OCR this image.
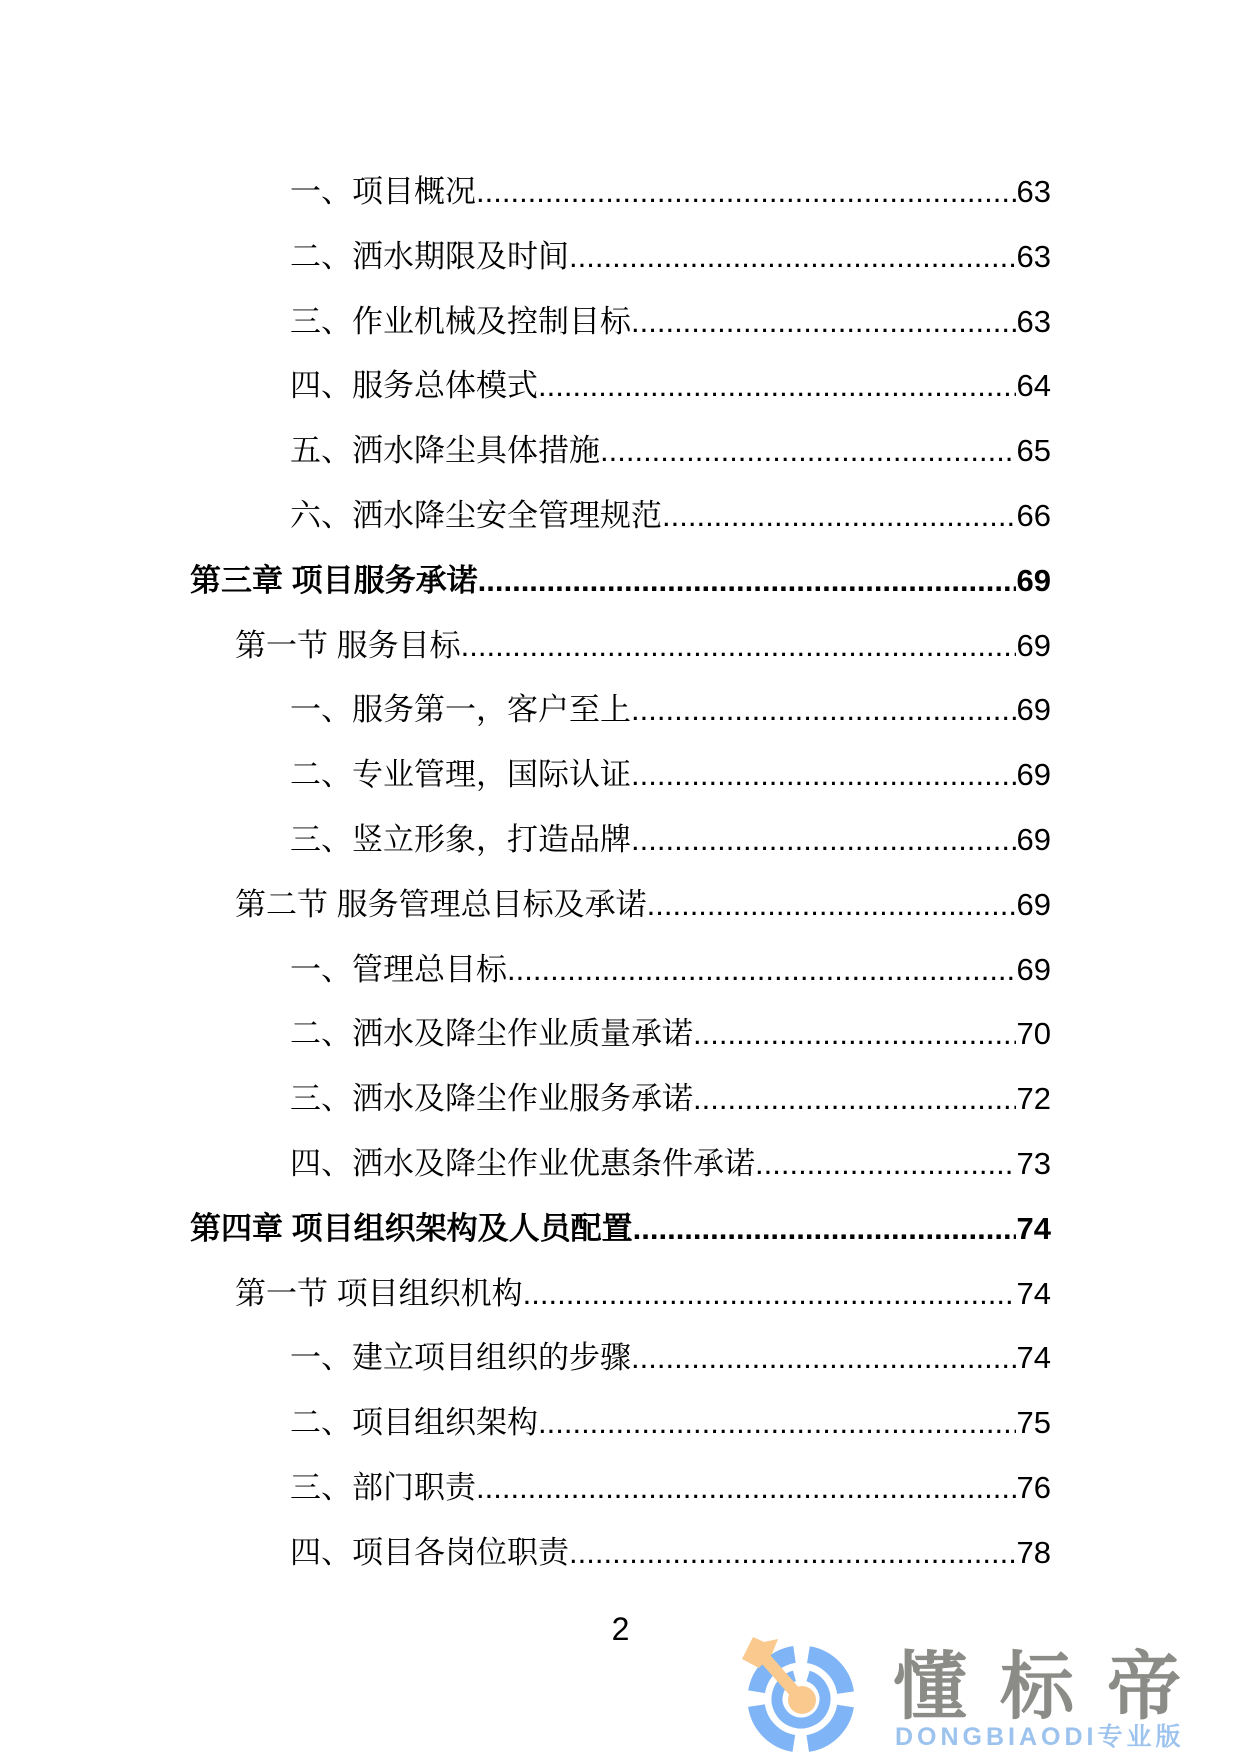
一、项目概况 .....	63
二、洒水期限及时间 .....	63
三、作业机械及控制目标 .....	63
四、服务总体模式 .....	64
五、洒水降尘具体措施 .....	65
六、洒水降尘安全管理规范 .....	66
第三章 项目服务承诺 .....	69
第一节 服务目标 .....	69
一、服务第一，客户至上 .....	69
二、专业管理，国际认证 .....	69
三、竖立形象，打造品牌 .....	69
第二节 服务管理总目标及承诺 .....	69
一、管理总目标 .....	69
二、洒水及降尘作业质量承诺 .....	70
三、洒水及降尘作业服务承诺 .....	72
四、洒水及降尘作业优惠条件承诺 .....	73
第四章 项目组织架构及人员配置 .....	74
第一节 项目组织机构 .....	74
一、建立项目组织的步骤 .....	74
二、项目组织架构 .....	75
三、部门职责 .....	76
四、项目各岗位职责 .....	78
2
懂标帝
DONGBIAODI专业版
